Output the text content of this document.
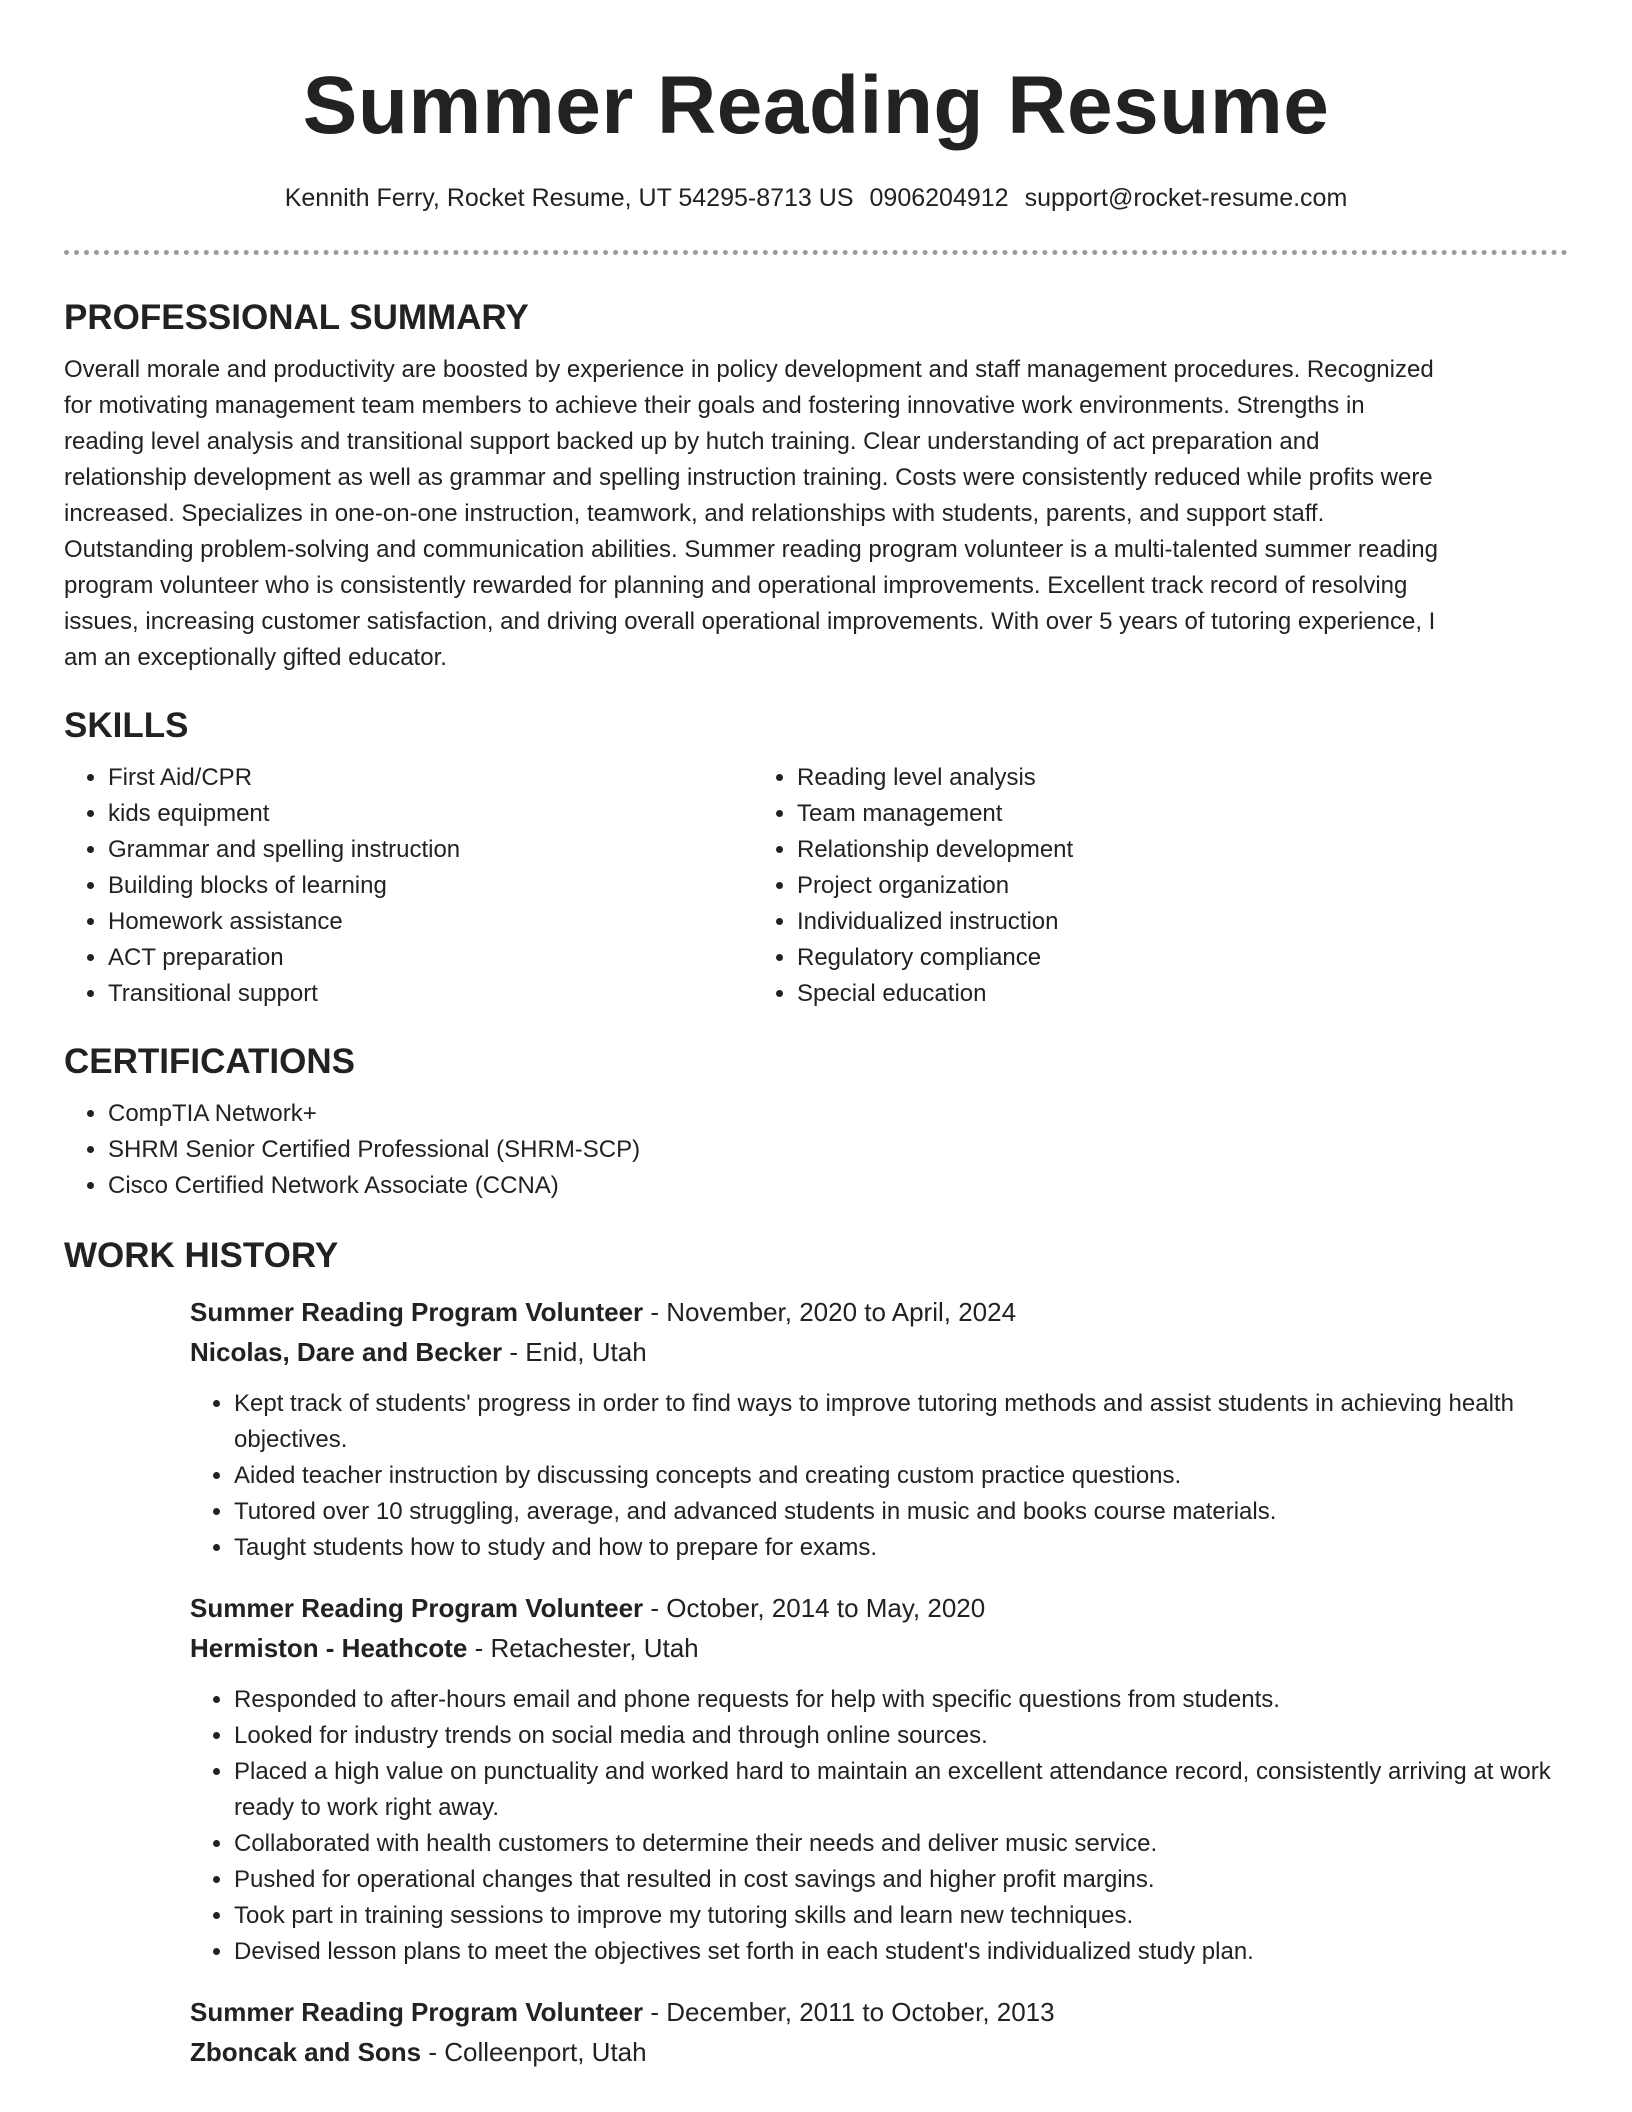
Summer Reading Resume
Kennith Ferry, Rocket Resume, UT 54295-8713 US 0906204912 support@rocket-resume.com
PROFESSIONAL SUMMARY

Overall morale and productivity are boosted by experience in policy development and staff management procedures. Recognized for motivating management team members to achieve their goals and fostering innovative work environments. Strengths in reading level analysis and transitional support backed up by hutch training. Clear understanding of act preparation and relationship development as well as grammar and spelling instruction training. Costs were consistently reduced while profits were increased. Specializes in one-on-one instruction, teamwork, and relationships with students, parents, and support staff. Outstanding problem-solving and communication abilities. Summer reading program volunteer is a multi-talented summer reading program volunteer who is consistently rewarded for planning and operational improvements. Excellent track record of resolving issues, increasing customer satisfaction, and driving overall operational improvements. With over 5 years of tutoring experience, I am an exceptionally gifted educator.

SKILLS
• First Aid/CPR
• kids equipment
• Grammar and spelling instruction
• Building blocks of learning
• Homework assistance
• ACT preparation
• Transitional support
• Reading level analysis
• Team management
• Relationship development
• Project organization
• Individualized instruction
• Regulatory compliance
• Special education
CERTIFICATIONS
• CompTIA Network+
• SHRM Senior Certified Professional (SHRM-SCP)
• Cisco Certified Network Associate (CCNA)
WORK HISTORY
Summer Reading Program Volunteer - November, 2020 to April, 2024
Nicolas, Dare and Becker - Enid, Utah
• Kept track of students' progress in order to find ways to improve tutoring methods and assist students in achieving health objectives.
• Aided teacher instruction by discussing concepts and creating custom practice questions.
• Tutored over 10 struggling, average, and advanced students in music and books course materials.
• Taught students how to study and how to prepare for exams.
Summer Reading Program Volunteer - October, 2014 to May, 2020
Hermiston - Heathcote - Retachester, Utah
• Responded to after-hours email and phone requests for help with specific questions from students.
• Looked for industry trends on social media and through online sources.
• Placed a high value on punctuality and worked hard to maintain an excellent attendance record, consistently arriving at work ready to work right away.
• Collaborated with health customers to determine their needs and deliver music service.
• Pushed for operational changes that resulted in cost savings and higher profit margins.
• Took part in training sessions to improve my tutoring skills and learn new techniques.
• Devised lesson plans to meet the objectives set forth in each student's individualized study plan.
Summer Reading Program Volunteer - December, 2011 to October, 2013
Zboncak and Sons - Colleenport, Utah
